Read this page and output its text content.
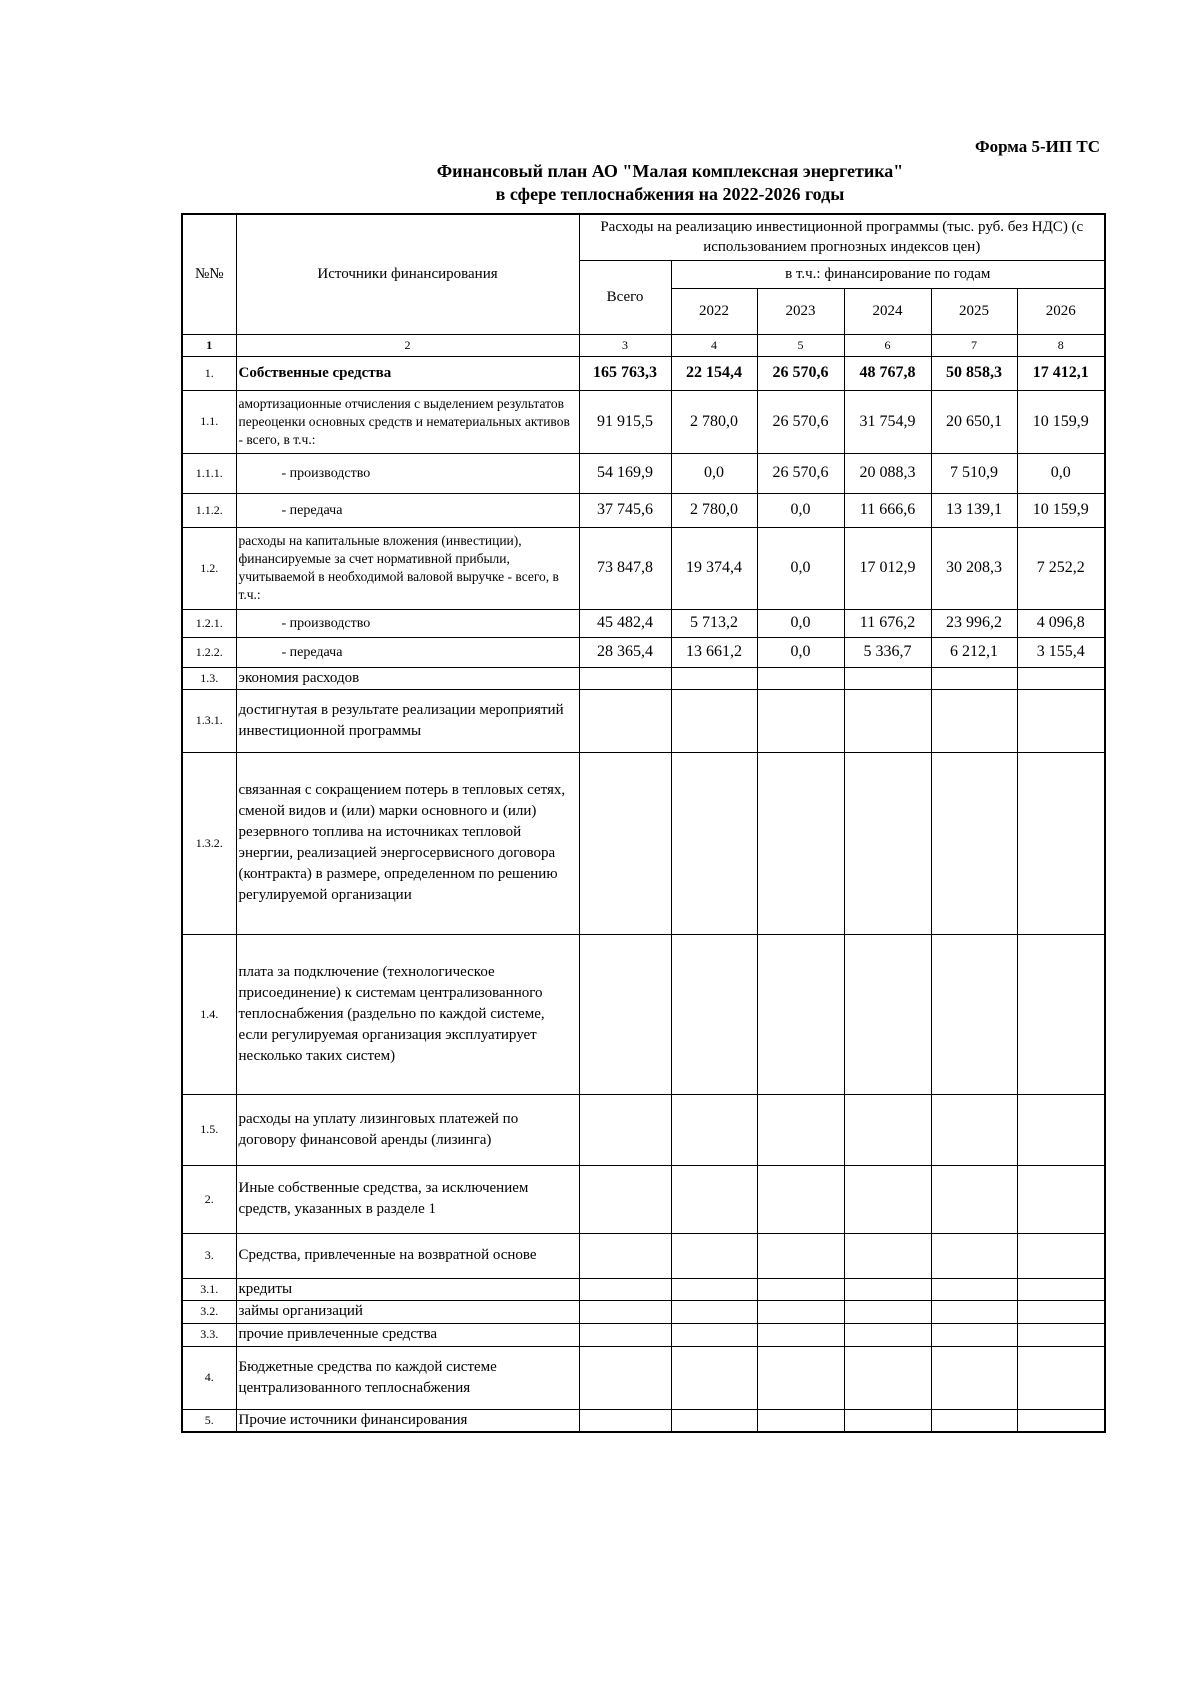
Форма 5-ИП ТС
Финансовый план АО "Малая комплексная энергетика"
в сфере теплоснабжения на 2022-2026 годы
№№	Источники финансирования	Расходы на реализацию инвестиционной программы (тыс. руб. без НДС) (с использованием прогнозных индексов цен)					
		Всего	в т.ч.: финансирование по годам				
			2022	2023	2024	2025	2026
1	2	3	4	5	6	7	8
1.	Собственные средства	165 763,3	22 154,4	26 570,6	48 767,8	50 858,3	17 412,1
1.1.	амортизационные отчисления с выделением результатов переоценки основных средств и нематериальных активов - всего, в т.ч.:	91 915,5	2 780,0	26 570,6	31 754,9	20 650,1	10 159,9
1.1.1.	- производство	54 169,9	0,0	26 570,6	20 088,3	7 510,9	0,0
1.1.2.	- передача	37 745,6	2 780,0	0,0	11 666,6	13 139,1	10 159,9
1.2.	расходы на капитальные вложения (инвестиции), финансируемые за счет нормативной прибыли, учитываемой в необходимой валовой выручке - всего, в т.ч.:	73 847,8	19 374,4	0,0	17 012,9	30 208,3	7 252,2
1.2.1.	- производство	45 482,4	5 713,2	0,0	11 676,2	23 996,2	4 096,8
1.2.2.	- передача	28 365,4	13 661,2	0,0	5 336,7	6 212,1	3 155,4
1.3.	экономия расходов						
1.3.1.	достигнутая в результате реализации мероприятий инвестиционной программы						
1.3.2.	связанная с сокращением потерь в тепловых сетях, сменой видов и (или) марки основного и (или) резервного топлива на источниках тепловой энергии, реализацией энергосервисного договора (контракта) в размере, определенном по решению регулируемой организации						
1.4.	плата за подключение (технологическое присоединение) к системам централизованного теплоснабжения (раздельно по каждой системе, если регулируемая организация эксплуатирует несколько таких систем)						
1.5.	расходы на уплату лизинговых платежей по договору финансовой аренды (лизинга)						
2.	Иные собственные средства, за исключением средств, указанных в разделе 1						
3.	Средства, привлеченные на возвратной основе						
3.1.	кредиты						
3.2.	займы организаций						
3.3.	прочие привлеченные средства						
4.	Бюджетные средства по каждой системе централизованного теплоснабжения						
5.	Прочие источники финансирования						
